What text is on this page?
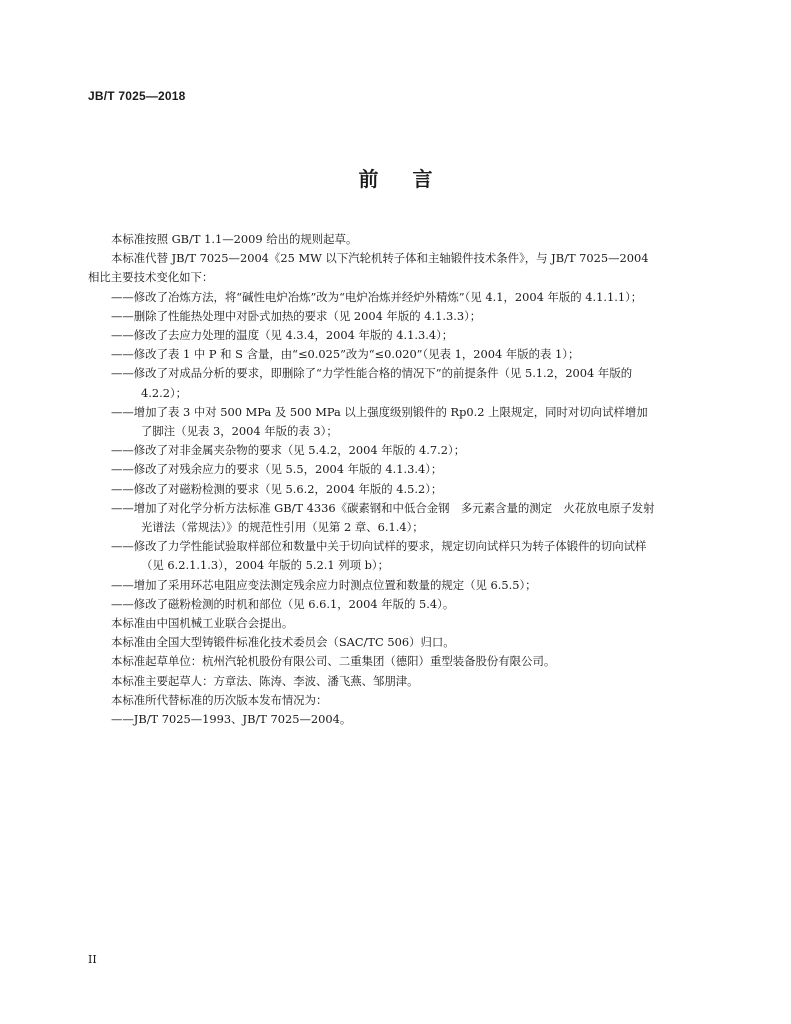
JB/T 7025—2018
前 言

本标准按照 GB/T 1.1—2009 给出的规则起草。

本标准代替 JB/T 7025—2004《25 MW 以下汽轮机转子体和主轴锻件技术条件》，与 JB/T 7025—2004 相比主要技术变化如下：

——修改了冶炼方法，将“碱性电炉冶炼”改为“电炉冶炼并经炉外精炼”（见 4.1，2004 年版的 4.1.1.1）；

——删除了性能热处理中对卧式加热的要求（见 2004 年版的 4.1.3.3）；

——修改了去应力处理的温度（见 4.3.4，2004 年版的 4.1.3.4）；

——修改了表 1 中 P 和 S 含量，由“≤0.025”改为“≤0.020”（见表 1，2004 年版的表 1）；

——修改了对成品分析的要求，即删除了“力学性能合格的情况下”的前提条件（见 5.1.2，2004 年版的 4.2.2）；

——增加了表 3 中对 500 MPa 及 500 MPa 以上强度级别锻件的 Rp0.2 上限规定，同时对切向试样增加了脚注（见表 3，2004 年版的表 3）；

——修改了对非金属夹杂物的要求（见 5.4.2，2004 年版的 4.7.2）；

——修改了对残余应力的要求（见 5.5，2004 年版的 4.1.3.4）；

——修改了对磁粉检测的要求（见 5.6.2，2004 年版的 4.5.2）；

——增加了对化学分析方法标准 GB/T 4336《碳素钢和中低合金钢　多元素含量的测定　火花放电原子发射光谱法（常规法）》的规范性引用（见第 2 章、6.1.4）；

——修改了力学性能试验取样部位和数量中关于切向试样的要求，规定切向试样只为转子体锻件的切向试样（见 6.2.1.1.3），2004 年版的 5.2.1 列项 b）；

——增加了采用环芯电阻应变法测定残余应力时测点位置和数量的规定（见 6.5.5）；

——修改了磁粉检测的时机和部位（见 6.6.1，2004 年版的 5.4）。

本标准由中国机械工业联合会提出。

本标准由全国大型铸锻件标准化技术委员会（SAC/TC 506）归口。

本标准起草单位：杭州汽轮机股份有限公司、二重集团（德阳）重型装备股份有限公司。

本标准主要起草人：方章法、陈涛、李波、潘飞燕、邹朋津。

本标准所代替标准的历次版本发布情况为：

——JB/T 7025—1993、JB/T 7025—2004。

II
